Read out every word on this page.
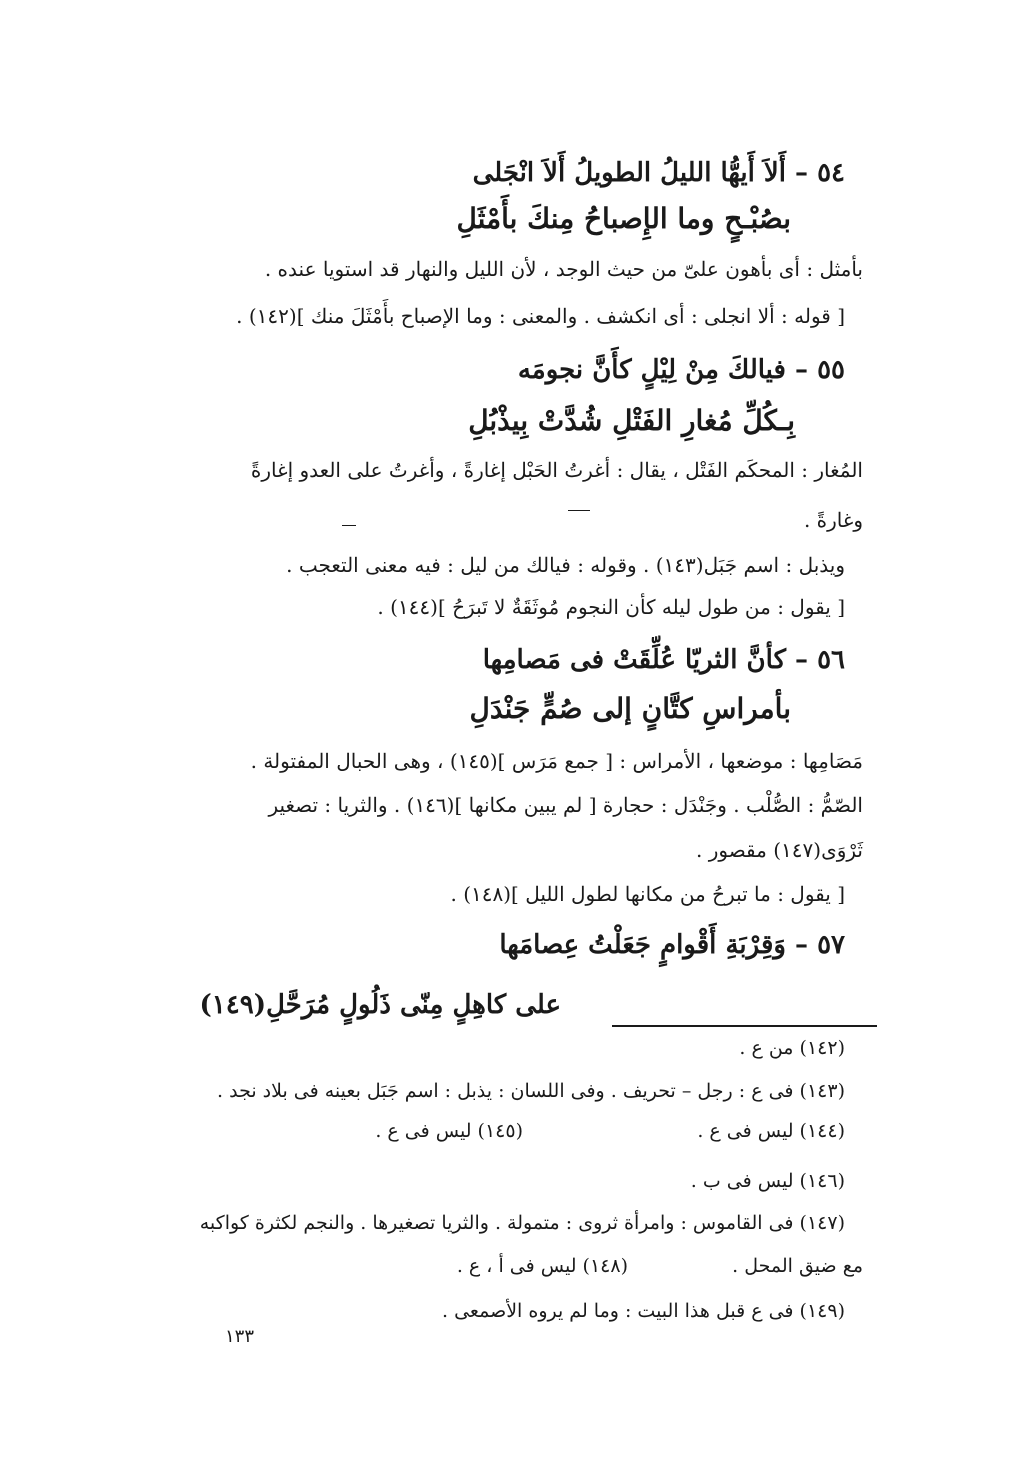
٥٤ – أَلاَ أَيهُّا الليلُ الطويلُ أَلاَ انْجَلى
بصُبْـحٍ وما الإِصباحُ مِنكَ بأَمْثَلِ
بأمثل : أى بأهون علىّ من حيث الوجد ، لأن الليل والنهار قد استويا عنده .
[ قوله : ألا انجلى : أى انكشف . والمعنى : وما الإصباح بأَمْثَلَ منك ](١٤٢) .
٥٥ – فيالكَ مِنْ لِيْلٍ كأَنَّ نجومَه
بِـكُلِّ مُغارِ الفَتْلِ شُدَّتْ بِيذْبُلِ
المُغار : المحكَم الفَتْل ، يقال : أغرتُ الحَبْل إغارةً ، وأغرتُ على العدو إغارةً
وغارةً .
ويذبل : اسم جَبَل(١٤٣) . وقوله : فيالك من ليل : فيه معنى التعجب .
[ يقول : من طول ليله كأن النجوم مُوثَقَةٌ لا تَبرَحُ ](١٤٤) .
٥٦ – كأنَّ الثريّا عُلِّقَتْ فى مَصامِها
بأمراسِ كتَّانٍ إلى صُمٍّ جَنْدَلِ
مَصَامِها : موضعها ، الأمراس : [ جمع مَرَس ](١٤٥) ، وهى الحبال المفتولة .
الصّمُّ : الصُّلْب . وجَنْدَل : حجارة [ لم يبين مكانها ](١٤٦) . والثريا : تصغير
ثَرْوَى(١٤٧) مقصور .
[ يقول : ما تبرحُ من مكانها لطول الليل ](١٤٨) .
٥٧ – وَقِرْبَةِ أَقْوامٍ جَعَلْتُ عِصامَها
على كاهِلٍ مِنّى ذَلُولٍ مُرَحَّلِ(١٤٩)
(١٤٢) من ع .
(١٤٣) فى ع : رجل – تحريف . وفى اللسان : يذبل : اسم جَبَل بعينه فى بلاد نجد .
(١٤٤) ليس فى ع .
(١٤٥) ليس فى ع .
(١٤٦) ليس فى ب .
(١٤٧) فى القاموس : وامرأة ثروى : متمولة . والثريا تصغيرها . والنجم لكثرة كواكبه
مع ضيق المحل .
(١٤٨) ليس فى أ ، ع .
(١٤٩) فى ع قبل هذا البيت : وما لم يروه الأصمعى .
١٣٣
